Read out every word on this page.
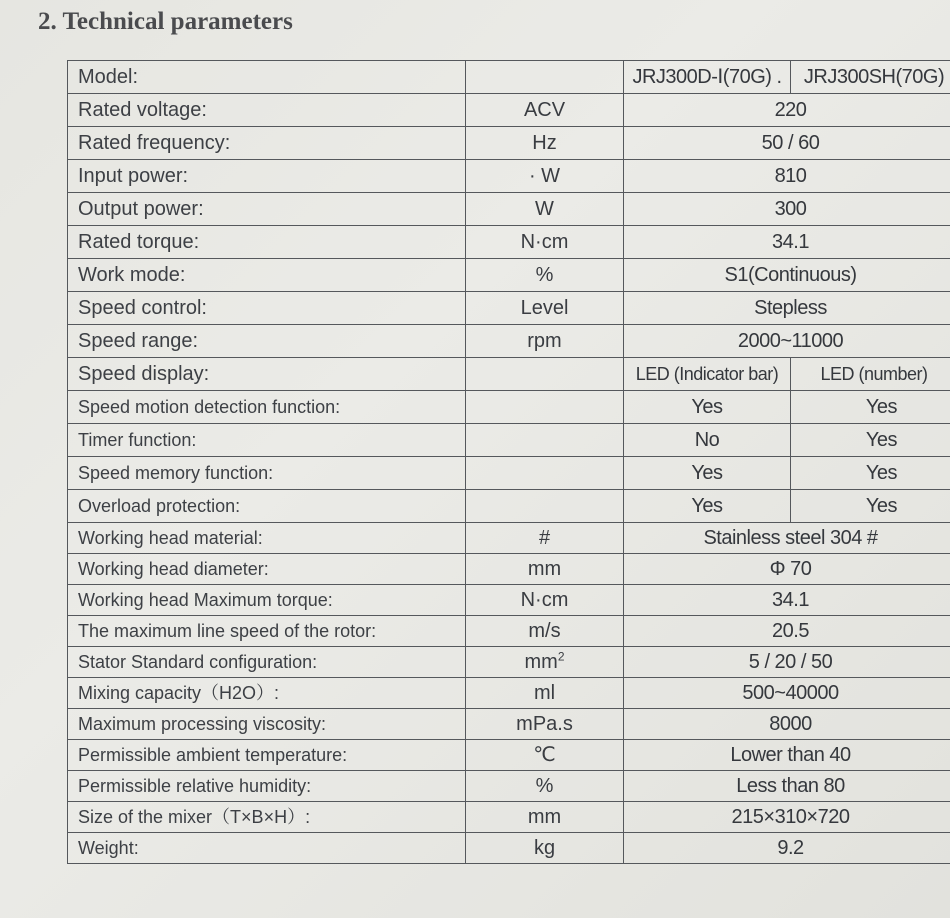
2. Technical parameters
Model:		JRJ300D-Ⅰ(70G) .	JRJ300SH(70G)
Rated voltage:	ACV	220	
Rated frequency:	Hz	50 / 60	
Input power:	· W	810	
Output power:	W	300	
Rated torque:	N·cm	34.1	
Work mode:	%	S1(Continuous)	
Speed control:	Level	Stepless	
Speed range:	rpm	2000~11000	
Speed display:		LED (Indicator bar)	LED (number)
Speed motion detection function:		Yes	Yes
Timer function:		No	Yes
Speed memory function:		Yes	Yes
Overload protection:		Yes	Yes
Working head material:	#	Stainless steel 304 #	
Working head diameter:	mm	Φ 70	
Working head Maximum torque:	N·cm	34.1	
The maximum line speed of the rotor:	m/s	20.5	
Stator Standard configuration:	$mm^2$	5 / 20 / 50	
Mixing capacity（H2O）:	ml	500~40000	
Maximum processing viscosity:	mPa.s	8000	
Permissible ambient temperature:	℃	Lower than 40	
Permissible relative humidity:	%	Less than 80	
Size of the mixer（T×B×H）:	mm	215×310×720	
Weight:	kg	9.2	
